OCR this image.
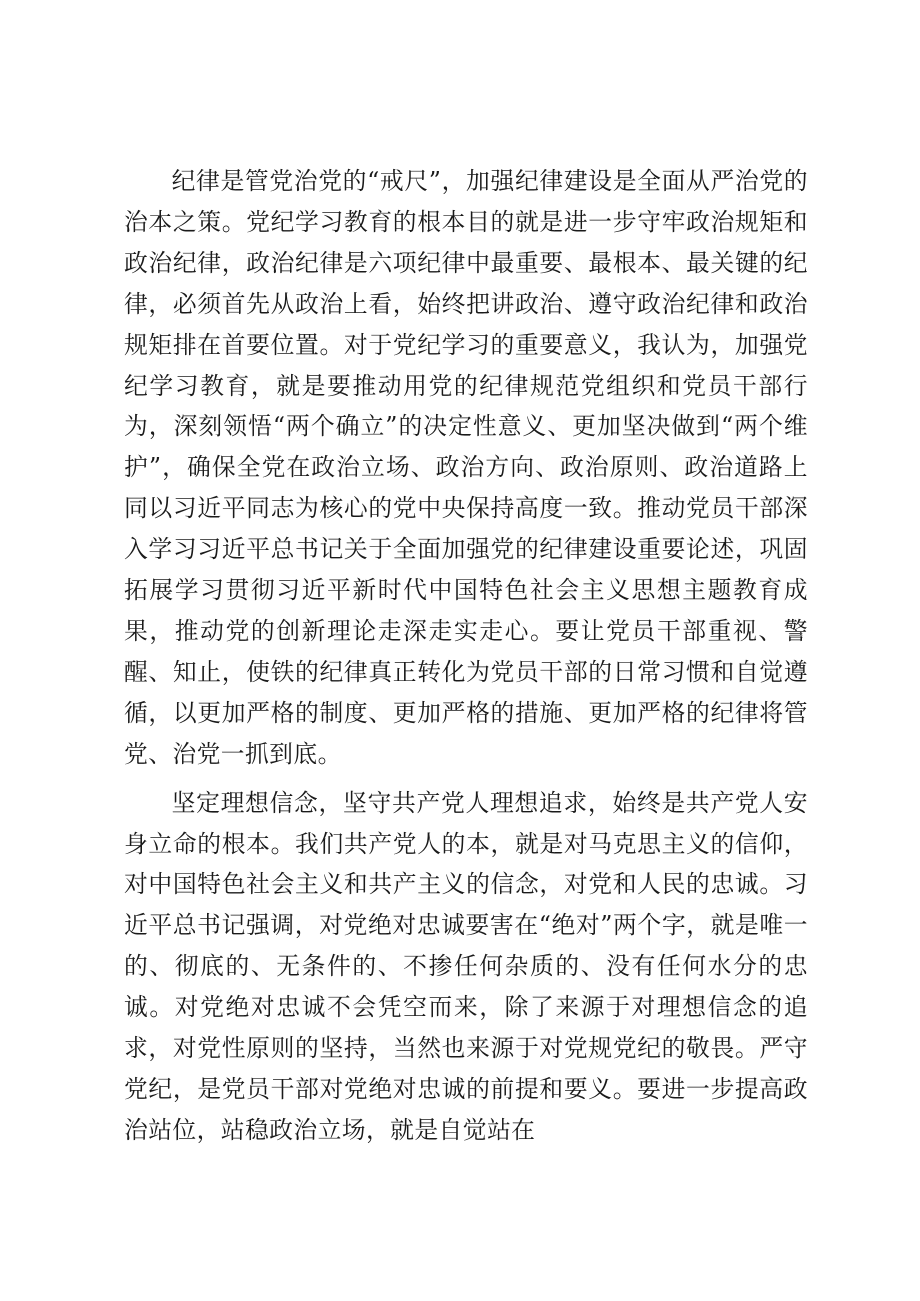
纪律是管党治党的“戒尺”，加强纪律建设是全面从严治党的治本之策。党纪学习教育的根本目的就是进一步守牢政治规矩和政治纪律，政治纪律是六项纪律中最重要、最根本、最关键的纪律，必须首先从政治上看，始终把讲政治、遵守政治纪律和政治规矩排在首要位置。对于党纪学习的重要意义，我认为，加强党纪学习教育，就是要推动用党的纪律规范党组织和党员干部行为，深刻领悟“两个确立”的决定性意义、更加坚决做到“两个维护”，确保全党在政治立场、政治方向、政治原则、政治道路上同以习近平同志为核心的党中央保持高度一致。推动党员干部深入学习习近平总书记关于全面加强党的纪律建设重要论述，巩固拓展学习贯彻习近平新时代中国特色社会主义思想主题教育成果，推动党的创新理论走深走实走心。要让党员干部重视、警醒、知止，使铁的纪律真正转化为党员干部的日常习惯和自觉遵循，以更加严格的制度、更加严格的措施、更加严格的纪律将管党、治党一抓到底。

坚定理想信念，坚守共产党人理想追求，始终是共产党人安身立命的根本。我们共产党人的本，就是对马克思主义的信仰，对中国特色社会主义和共产主义的信念，对党和人民的忠诚。习近平总书记强调，对党绝对忠诚要害在“绝对”两个字，就是唯一的、彻底的、无条件的、不掺任何杂质的、没有任何水分的忠诚。对党绝对忠诚不会凭空而来，除了来源于对理想信念的追求，对党性原则的坚持，当然也来源于对党规党纪的敬畏。严守党纪，是党员干部对党绝对忠诚的前提和要义。要进一步提高政治站位，站稳政治立场，就是自觉站在
